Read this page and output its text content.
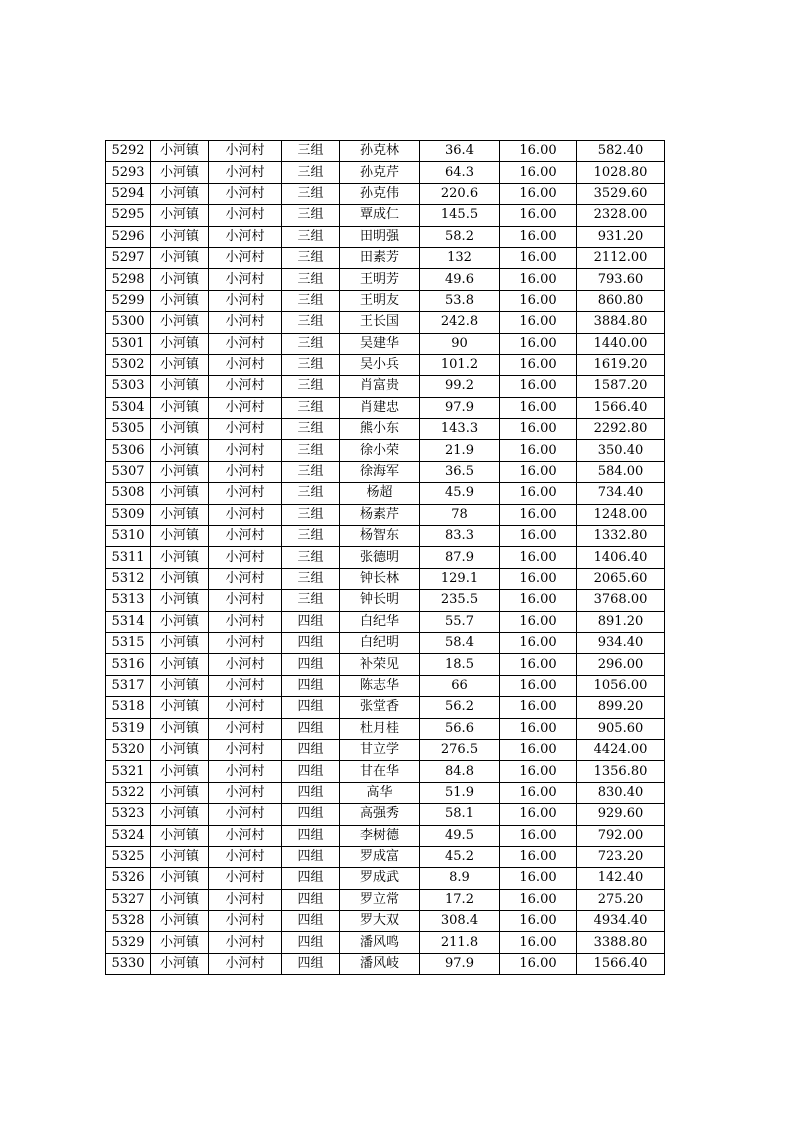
5292	小河镇	小河村	三组	孙克林	36.4	16.00	582.40
5293	小河镇	小河村	三组	孙克芹	64.3	16.00	1028.80
5294	小河镇	小河村	三组	孙克伟	220.6	16.00	3529.60
5295	小河镇	小河村	三组	覃成仁	145.5	16.00	2328.00
5296	小河镇	小河村	三组	田明强	58.2	16.00	931.20
5297	小河镇	小河村	三组	田素芳	132	16.00	2112.00
5298	小河镇	小河村	三组	王明芳	49.6	16.00	793.60
5299	小河镇	小河村	三组	王明友	53.8	16.00	860.80
5300	小河镇	小河村	三组	王长国	242.8	16.00	3884.80
5301	小河镇	小河村	三组	吴建华	90	16.00	1440.00
5302	小河镇	小河村	三组	吴小兵	101.2	16.00	1619.20
5303	小河镇	小河村	三组	肖富贵	99.2	16.00	1587.20
5304	小河镇	小河村	三组	肖建忠	97.9	16.00	1566.40
5305	小河镇	小河村	三组	熊小东	143.3	16.00	2292.80
5306	小河镇	小河村	三组	徐小荣	21.9	16.00	350.40
5307	小河镇	小河村	三组	徐海军	36.5	16.00	584.00
5308	小河镇	小河村	三组	杨超	45.9	16.00	734.40
5309	小河镇	小河村	三组	杨素芹	78	16.00	1248.00
5310	小河镇	小河村	三组	杨智东	83.3	16.00	1332.80
5311	小河镇	小河村	三组	张德明	87.9	16.00	1406.40
5312	小河镇	小河村	三组	钟长林	129.1	16.00	2065.60
5313	小河镇	小河村	三组	钟长明	235.5	16.00	3768.00
5314	小河镇	小河村	四组	白纪华	55.7	16.00	891.20
5315	小河镇	小河村	四组	白纪明	58.4	16.00	934.40
5316	小河镇	小河村	四组	补荣见	18.5	16.00	296.00
5317	小河镇	小河村	四组	陈志华	66	16.00	1056.00
5318	小河镇	小河村	四组	张堂香	56.2	16.00	899.20
5319	小河镇	小河村	四组	杜月桂	56.6	16.00	905.60
5320	小河镇	小河村	四组	甘立学	276.5	16.00	4424.00
5321	小河镇	小河村	四组	甘在华	84.8	16.00	1356.80
5322	小河镇	小河村	四组	高华	51.9	16.00	830.40
5323	小河镇	小河村	四组	高强秀	58.1	16.00	929.60
5324	小河镇	小河村	四组	李树德	49.5	16.00	792.00
5325	小河镇	小河村	四组	罗成富	45.2	16.00	723.20
5326	小河镇	小河村	四组	罗成武	8.9	16.00	142.40
5327	小河镇	小河村	四组	罗立常	17.2	16.00	275.20
5328	小河镇	小河村	四组	罗大双	308.4	16.00	4934.40
5329	小河镇	小河村	四组	潘风鸣	211.8	16.00	3388.80
5330	小河镇	小河村	四组	潘风岐	97.9	16.00	1566.40
